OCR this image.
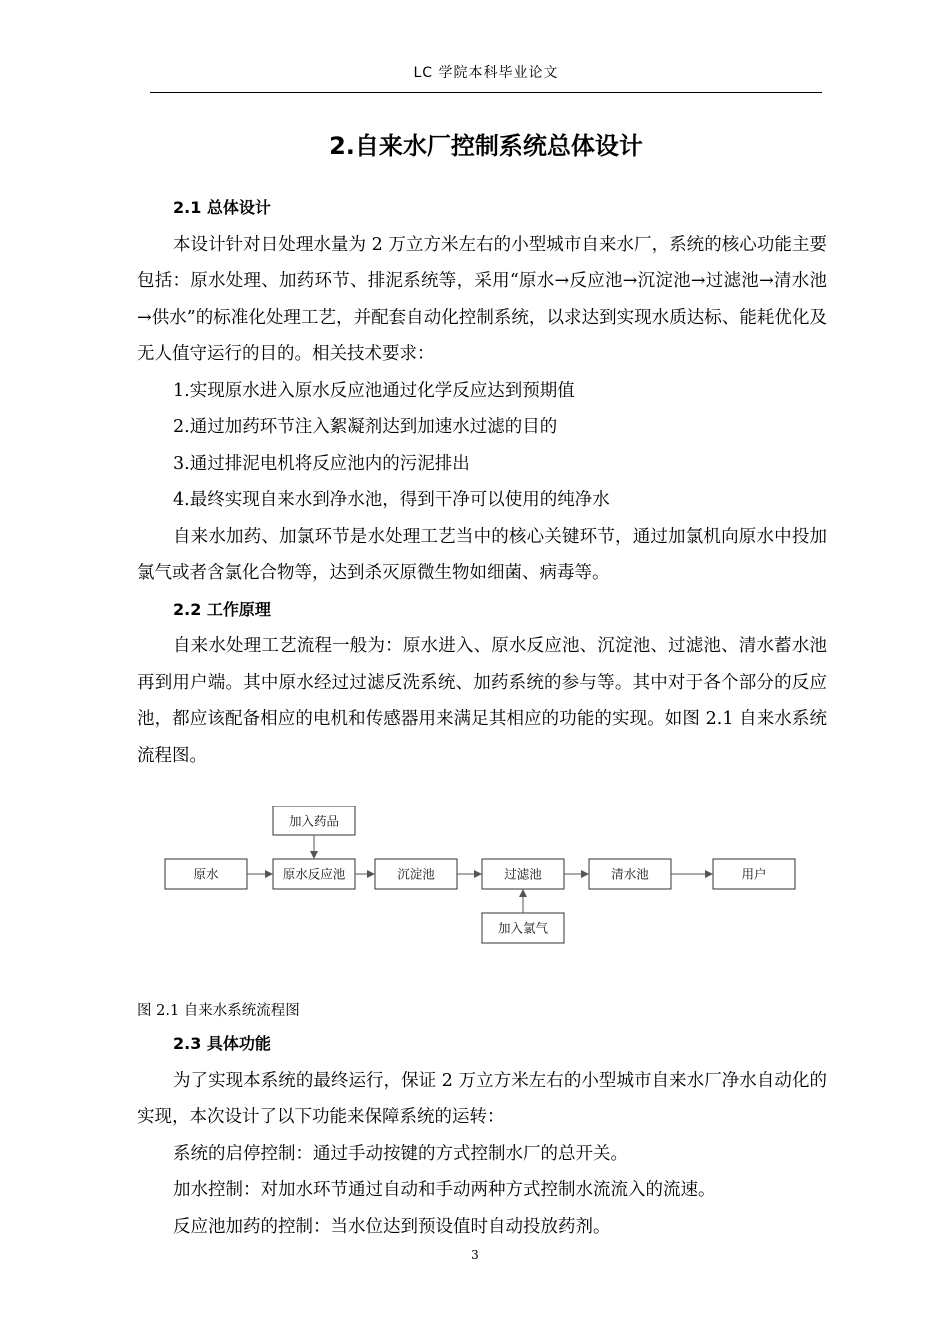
LC 学院本科毕业论文
2.自来水厂控制系统总体设计

2.1 总体设计

本设计针对日处理水量为 2 万立方米左右的小型城市自来水厂，系统的核心功能主要包括：原水处理、加药环节、排泥系统等，采用“原水→反应池→沉淀池→过滤池→清水池→供水”的标准化处理工艺，并配套自动化控制系统，以求达到实现水质达标、能耗优化及无人值守运行的目的。相关技术要求：

1.实现原水进入原水反应池通过化学反应达到预期值

2.通过加药环节注入絮凝剂达到加速水过滤的目的

3.通过排泥电机将反应池内的污泥排出

4.最终实现自来水到净水池，得到干净可以使用的纯净水

自来水加药、加氯环节是水处理工艺当中的核心关键环节，通过加氯机向原水中投加氯气或者含氯化合物等，达到杀灭原微生物如细菌、病毒等。

2.2 工作原理

自来水处理工艺流程一般为：原水进入、原水反应池、沉淀池、过滤池、清水蓄水池再到用户端。其中原水经过过滤反洗系统、加药系统的参与等。其中对于各个部分的反应池，都应该配备相应的电机和传感器用来满足其相应的功能的实现。如图 2.1 自来水系统流程图。

原水	原水反应池	沉淀池	过滤池	清水池	用户
加入药品
加入氯气

图 2.1 自来水系统流程图

2.3 具体功能

为了实现本系统的最终运行，保证 2 万立方米左右的小型城市自来水厂净水自动化的实现，本次设计了以下功能来保障系统的运转：

系统的启停控制：通过手动按键的方式控制水厂的总开关。

加水控制：对加水环节通过自动和手动两种方式控制水流流入的流速。

反应池加药的控制：当水位达到预设值时自动投放药剂。

3
